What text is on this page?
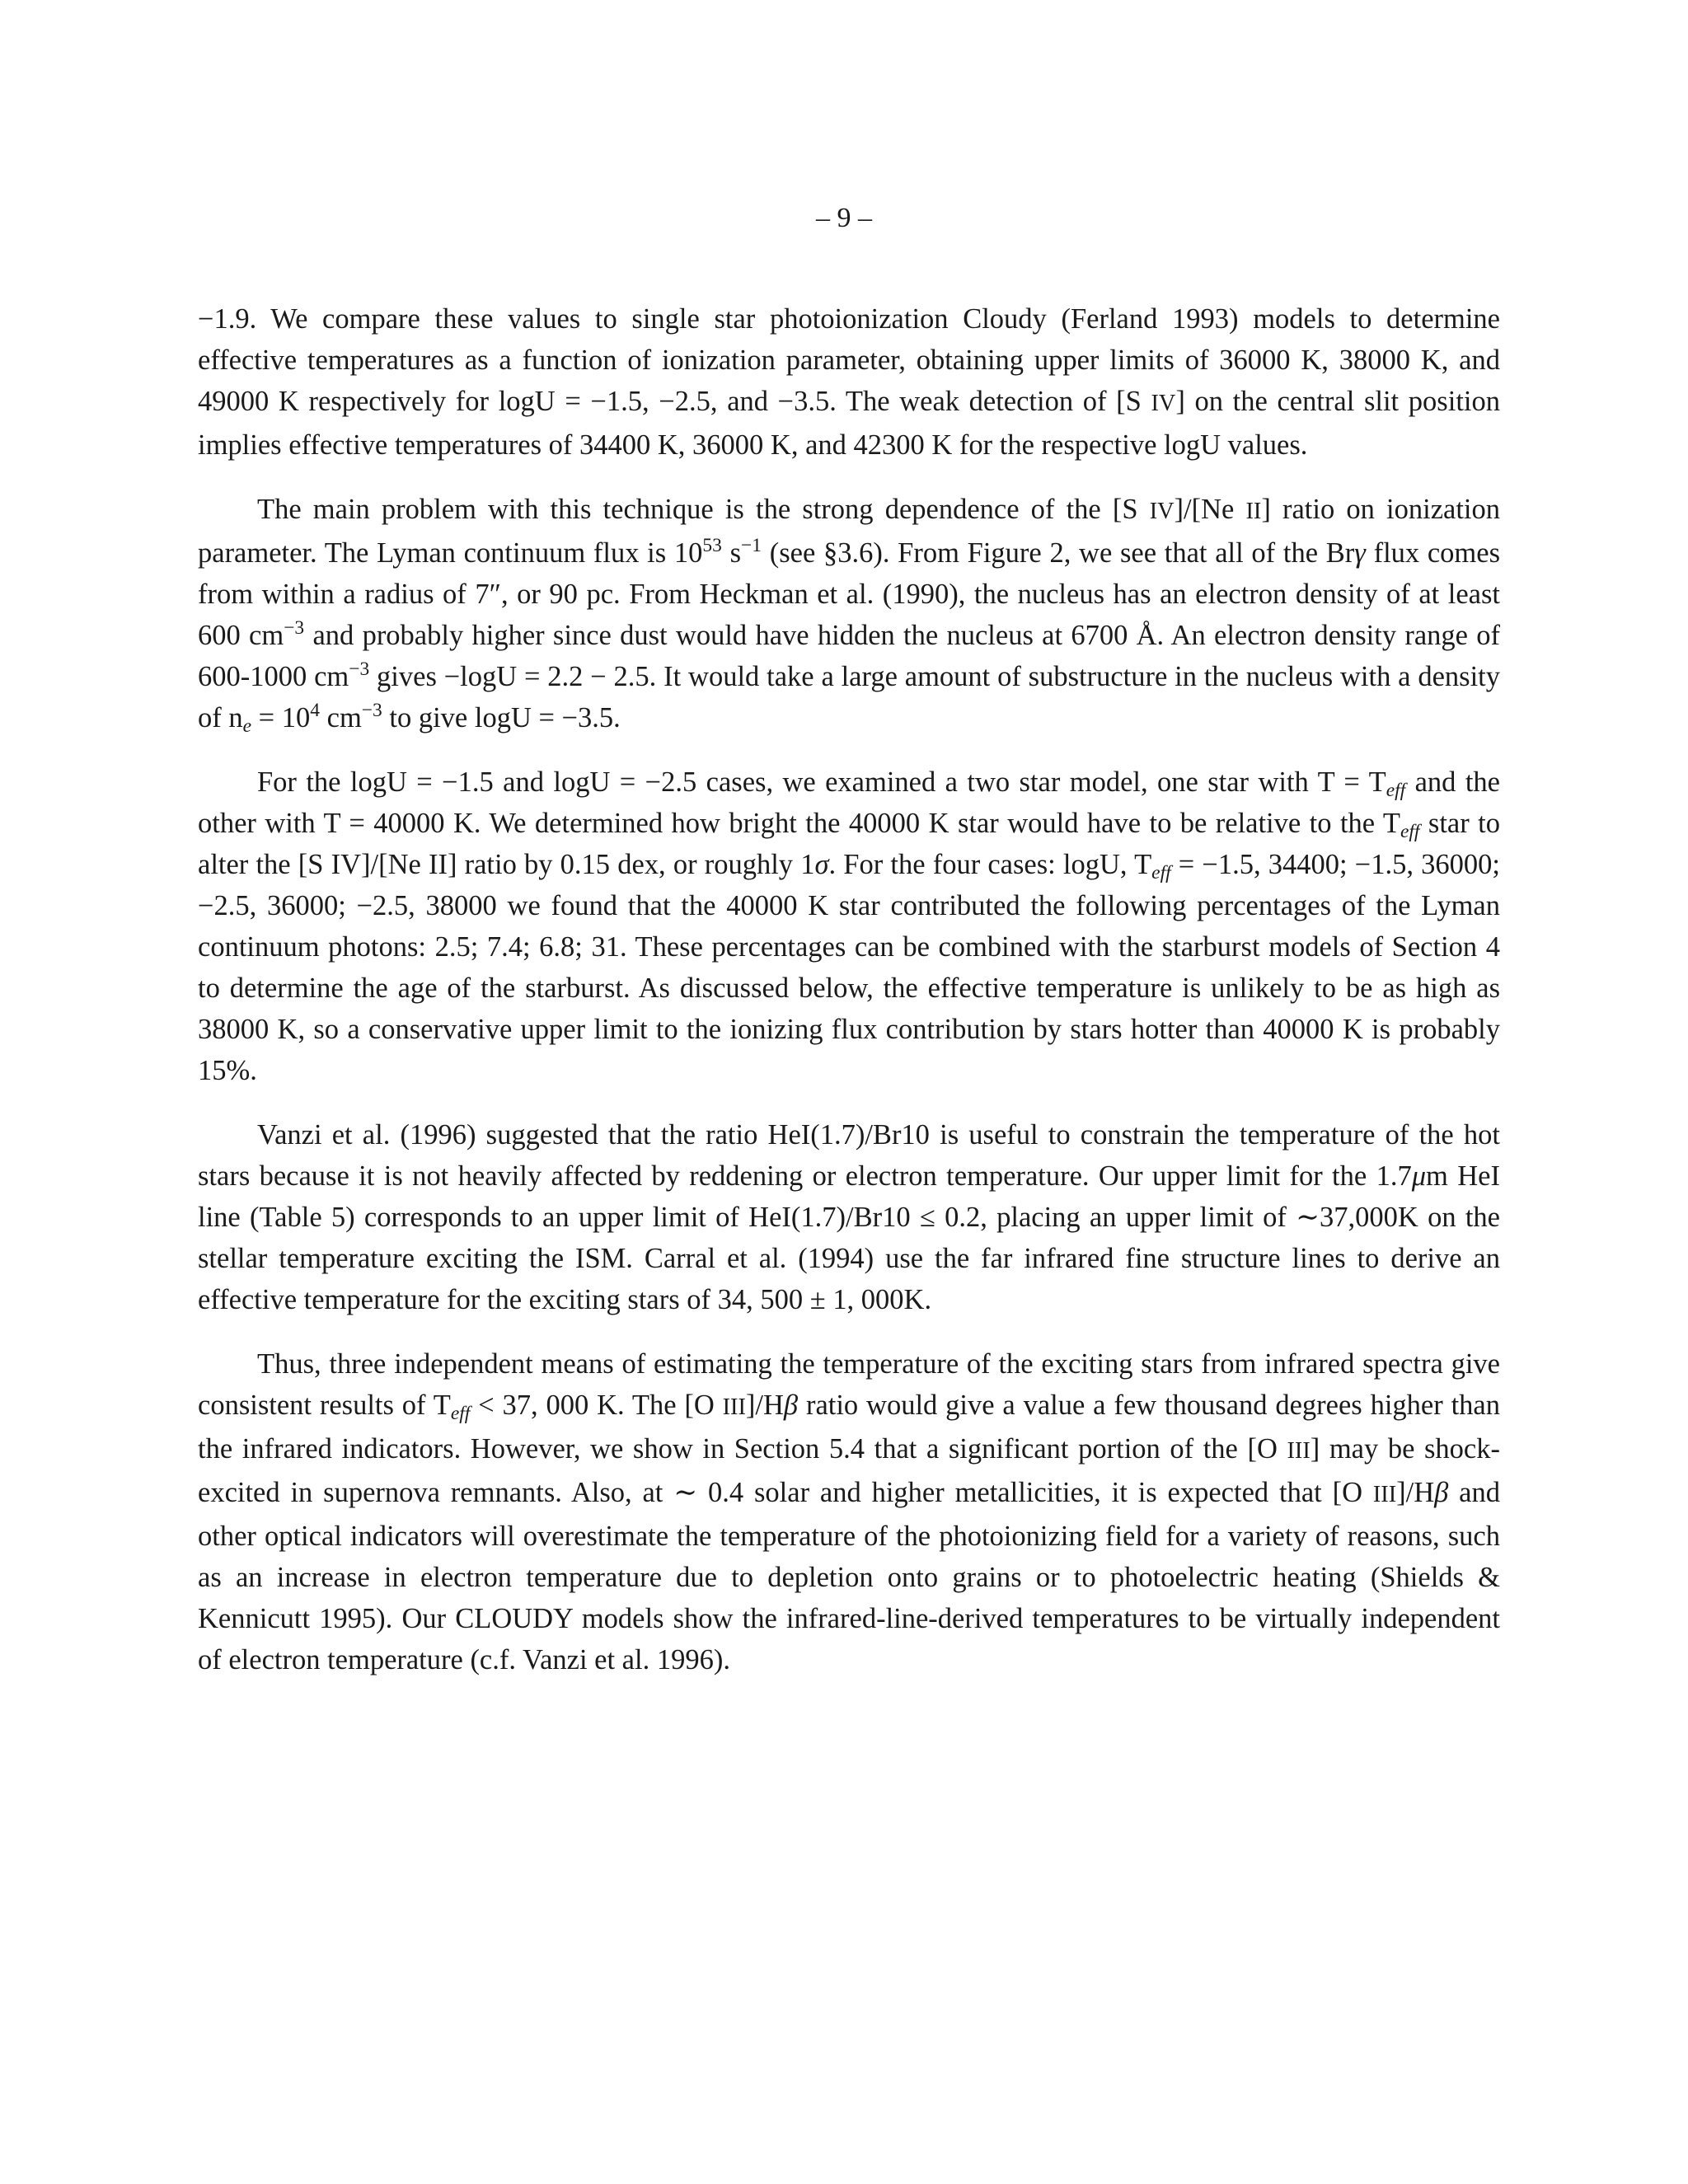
– 9 –

−1.9. We compare these values to single star photoionization Cloudy (Ferland 1993) models to determine effective temperatures as a function of ionization parameter, obtaining upper limits of 36000 K, 38000 K, and 49000 K respectively for logU = −1.5, −2.5, and −3.5. The weak detection of [S IV] on the central slit position implies effective temperatures of 34400 K, 36000 K, and 42300 K for the respective logU values.

The main problem with this technique is the strong dependence of the [S IV]/[Ne II] ratio on ionization parameter. The Lyman continuum flux is $10^{53}$ $s^{-1}$ (see §3.6). From Figure 2, we see that all of the Brγ flux comes from within a radius of 7″, or 90 pc. From Heckman et al. (1990), the nucleus has an electron density of at least 600 $cm^{-3}$ and probably higher since dust would have hidden the nucleus at 6700 Å. An electron density range of 600-1000 $cm^{-3}$ gives −logU = 2.2 − 2.5. It would take a large amount of substructure in the nucleus with a density of $n_e = 10^4$ $cm^{-3}$ to give logU = −3.5.

For the logU = −1.5 and logU = −2.5 cases, we examined a two star model, one star with $T = T_{eff}$ and the other with T = 40000 K. We determined how bright the 40000 K star would have to be relative to the $T_{eff}$ star to alter the [S IV]/[Ne II] ratio by 0.15 dex, or roughly 1σ. For the four cases: logU, $T_{eff} = -1.5$, 34400; −1.5, 36000; −2.5, 36000; −2.5, 38000 we found that the 40000 K star contributed the following percentages of the Lyman continuum photons: 2.5; 7.4; 6.8; 31. These percentages can be combined with the starburst models of Section 4 to determine the age of the starburst. As discussed below, the effective temperature is unlikely to be as high as 38000 K, so a conservative upper limit to the ionizing flux contribution by stars hotter than 40000 K is probably 15%.

Vanzi et al. (1996) suggested that the ratio HeI(1.7)/Br10 is useful to constrain the temperature of the hot stars because it is not heavily affected by reddening or electron temperature. Our upper limit for the 1.7μm HeI line (Table 5) corresponds to an upper limit of HeI(1.7)/Br10 ≤ 0.2, placing an upper limit of ∼37,000K on the stellar temperature exciting the ISM. Carral et al. (1994) use the far infrared fine structure lines to derive an effective temperature for the exciting stars of 34, 500 ± 1, 000K.

Thus, three independent means of estimating the temperature of the exciting stars from infrared spectra give consistent results of $T_{eff} < 37$, 000 K. The [O III]/Hβ ratio would give a value a few thousand degrees higher than the infrared indicators. However, we show in Section 5.4 that a significant portion of the [O III] may be shock-excited in supernova remnants. Also, at ∼ 0.4 solar and higher metallicities, it is expected that [O III]/Hβ and other optical indicators will overestimate the temperature of the photoionizing field for a variety of reasons, such as an increase in electron temperature due to depletion onto grains or to photoelectric heating (Shields & Kennicutt 1995). Our CLOUDY models show the infrared-line-derived temperatures to be virtually independent of electron temperature (c.f. Vanzi et al. 1996).
